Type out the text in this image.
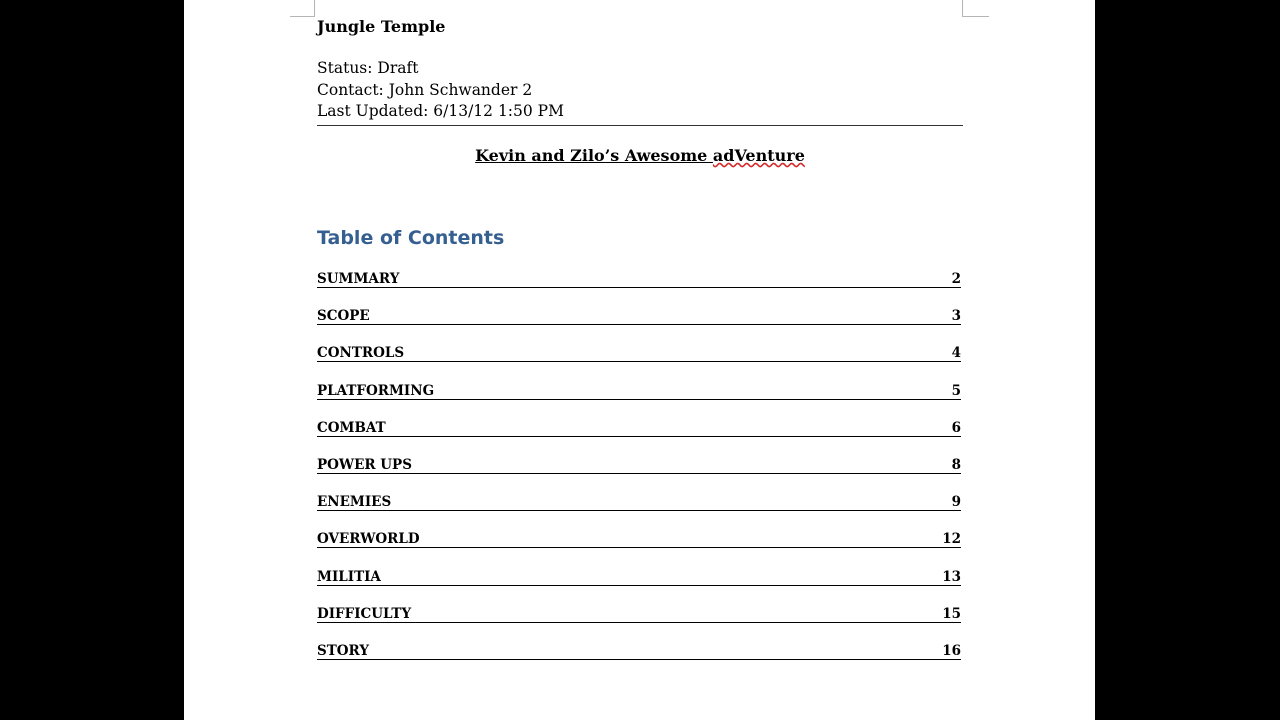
Jungle Temple
Status: Draft
Contact: John Schwander 2
Last Updated: 6/13/12 1:50 PM
Kevin and Zilo’s Awesome adVenture
Table of Contents
SUMMARY	2
SCOPE	3
CONTROLS	4
PLATFORMING	5
COMBAT	6
POWER UPS	8
ENEMIES	9
OVERWORLD	12
MILITIA	13
DIFFICULTY	15
STORY	16
